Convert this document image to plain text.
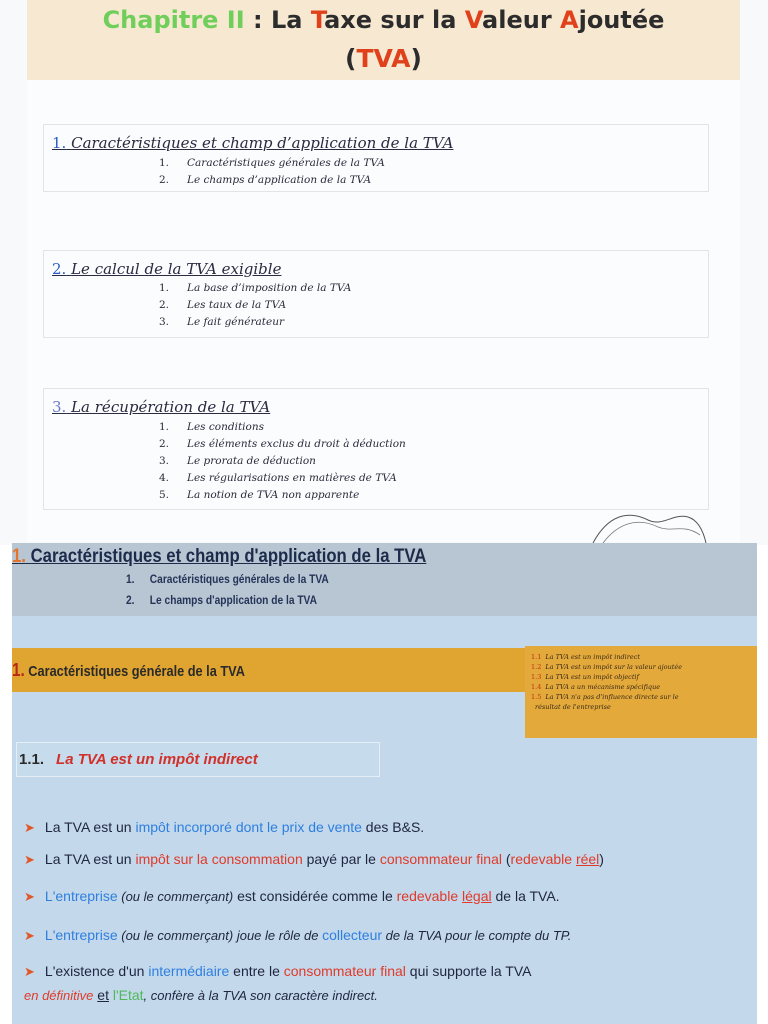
Chapitre II : La Taxe sur la Valeur Ajoutée
(TVA)
1. Caractéristiques et champ d’application de la TVA
1. Caractéristiques générales de la TVA
2. Le champs d’application de la TVA
2. Le calcul de la TVA exigible
1. La base d’imposition de la TVA
2. Les taux de la TVA
3. Le fait générateur
3. La récupération de la TVA
1. Les conditions
2. Les éléments exclus du droit à déduction
3. Le prorata de déduction
4. Les régularisations en matières de TVA
5. La notion de TVA non apparente
1. Caractéristiques et champ d'application de la TVA
1. Caractéristiques générales de la TVA
2. Le champs d'application de la TVA
1. Caractéristiques générale de la TVA
1.1 La TVA est un impôt indirect
1.2 La TVA est un impôt sur la valeur ajoutée
1.3 La TVA est un impôt objectif
1.4 La TVA a un mécanisme spécifique
1.5 La TVA n'a pas d'influence directe sur le
résultat de l'entreprise
1.1. La TVA est un impôt indirect
➤ La TVA est un impôt incorporé dont le prix de vente des B&S.
➤ La TVA est un impôt sur la consommation payé par le consommateur final (redevable réel)
➤ L'entreprise (ou le commerçant) est considérée comme le redevable légal de la TVA.
➤ L'entreprise (ou le commerçant) joue le rôle de collecteur de la TVA pour le compte du TP.
➤ L'existence d'un intermédiaire entre le consommateur final qui supporte la TVA
en définitive et l'Etat, confère à la TVA son caractère indirect.
